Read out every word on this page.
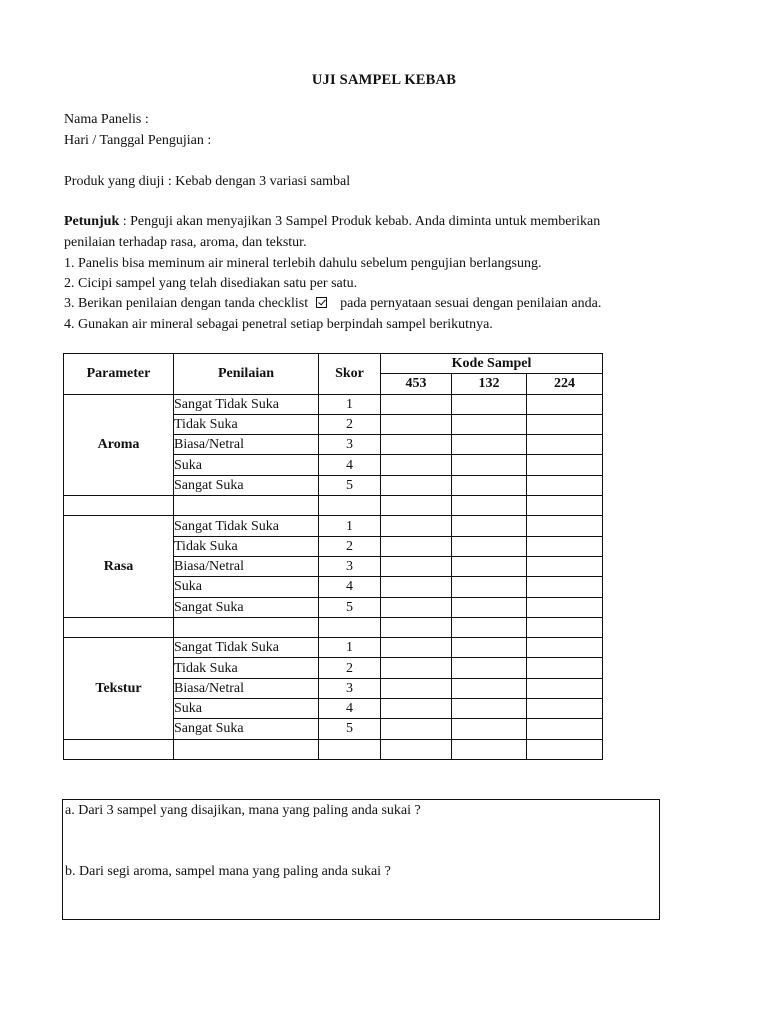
UJI SAMPEL KEBAB
Nama Panelis :
Hari / Tanggal Pengujian :
Produk yang diuji : Kebab dengan 3 variasi sambal
Petunjuk : Penguji akan menyajikan 3 Sampel Produk kebab. Anda diminta untuk memberikan
penilaian terhadap rasa, aroma, dan tekstur.
1. Panelis bisa meminum air mineral terlebih dahulu sebelum pengujian berlangsung.
2. Cicipi sampel yang telah disediakan satu per satu.
3. Berikan penilaian dengan tanda checklist pada pernyataan sesuai dengan penilaian anda.
4. Gunakan air mineral sebagai penetral setiap berpindah sampel berikutnya.
Parameter	Penilaian	Skor	Kode Sampel		
			453	132	224
Aroma	Sangat Tidak Suka	1			
	Tidak Suka	2			
	Biasa/Netral	3			
	Suka	4			
	Sangat Suka	5			

Rasa	Sangat Tidak Suka	1			
	Tidak Suka	2			
	Biasa/Netral	3			
	Suka	4			
	Sangat Suka	5			

Tekstur	Sangat Tidak Suka	1			
	Tidak Suka	2			
	Biasa/Netral	3			
	Suka	4			
	Sangat Suka	5			

a. Dari 3 sampel yang disajikan, mana yang paling anda sukai ?
b. Dari segi aroma, sampel mana yang paling anda sukai ?
